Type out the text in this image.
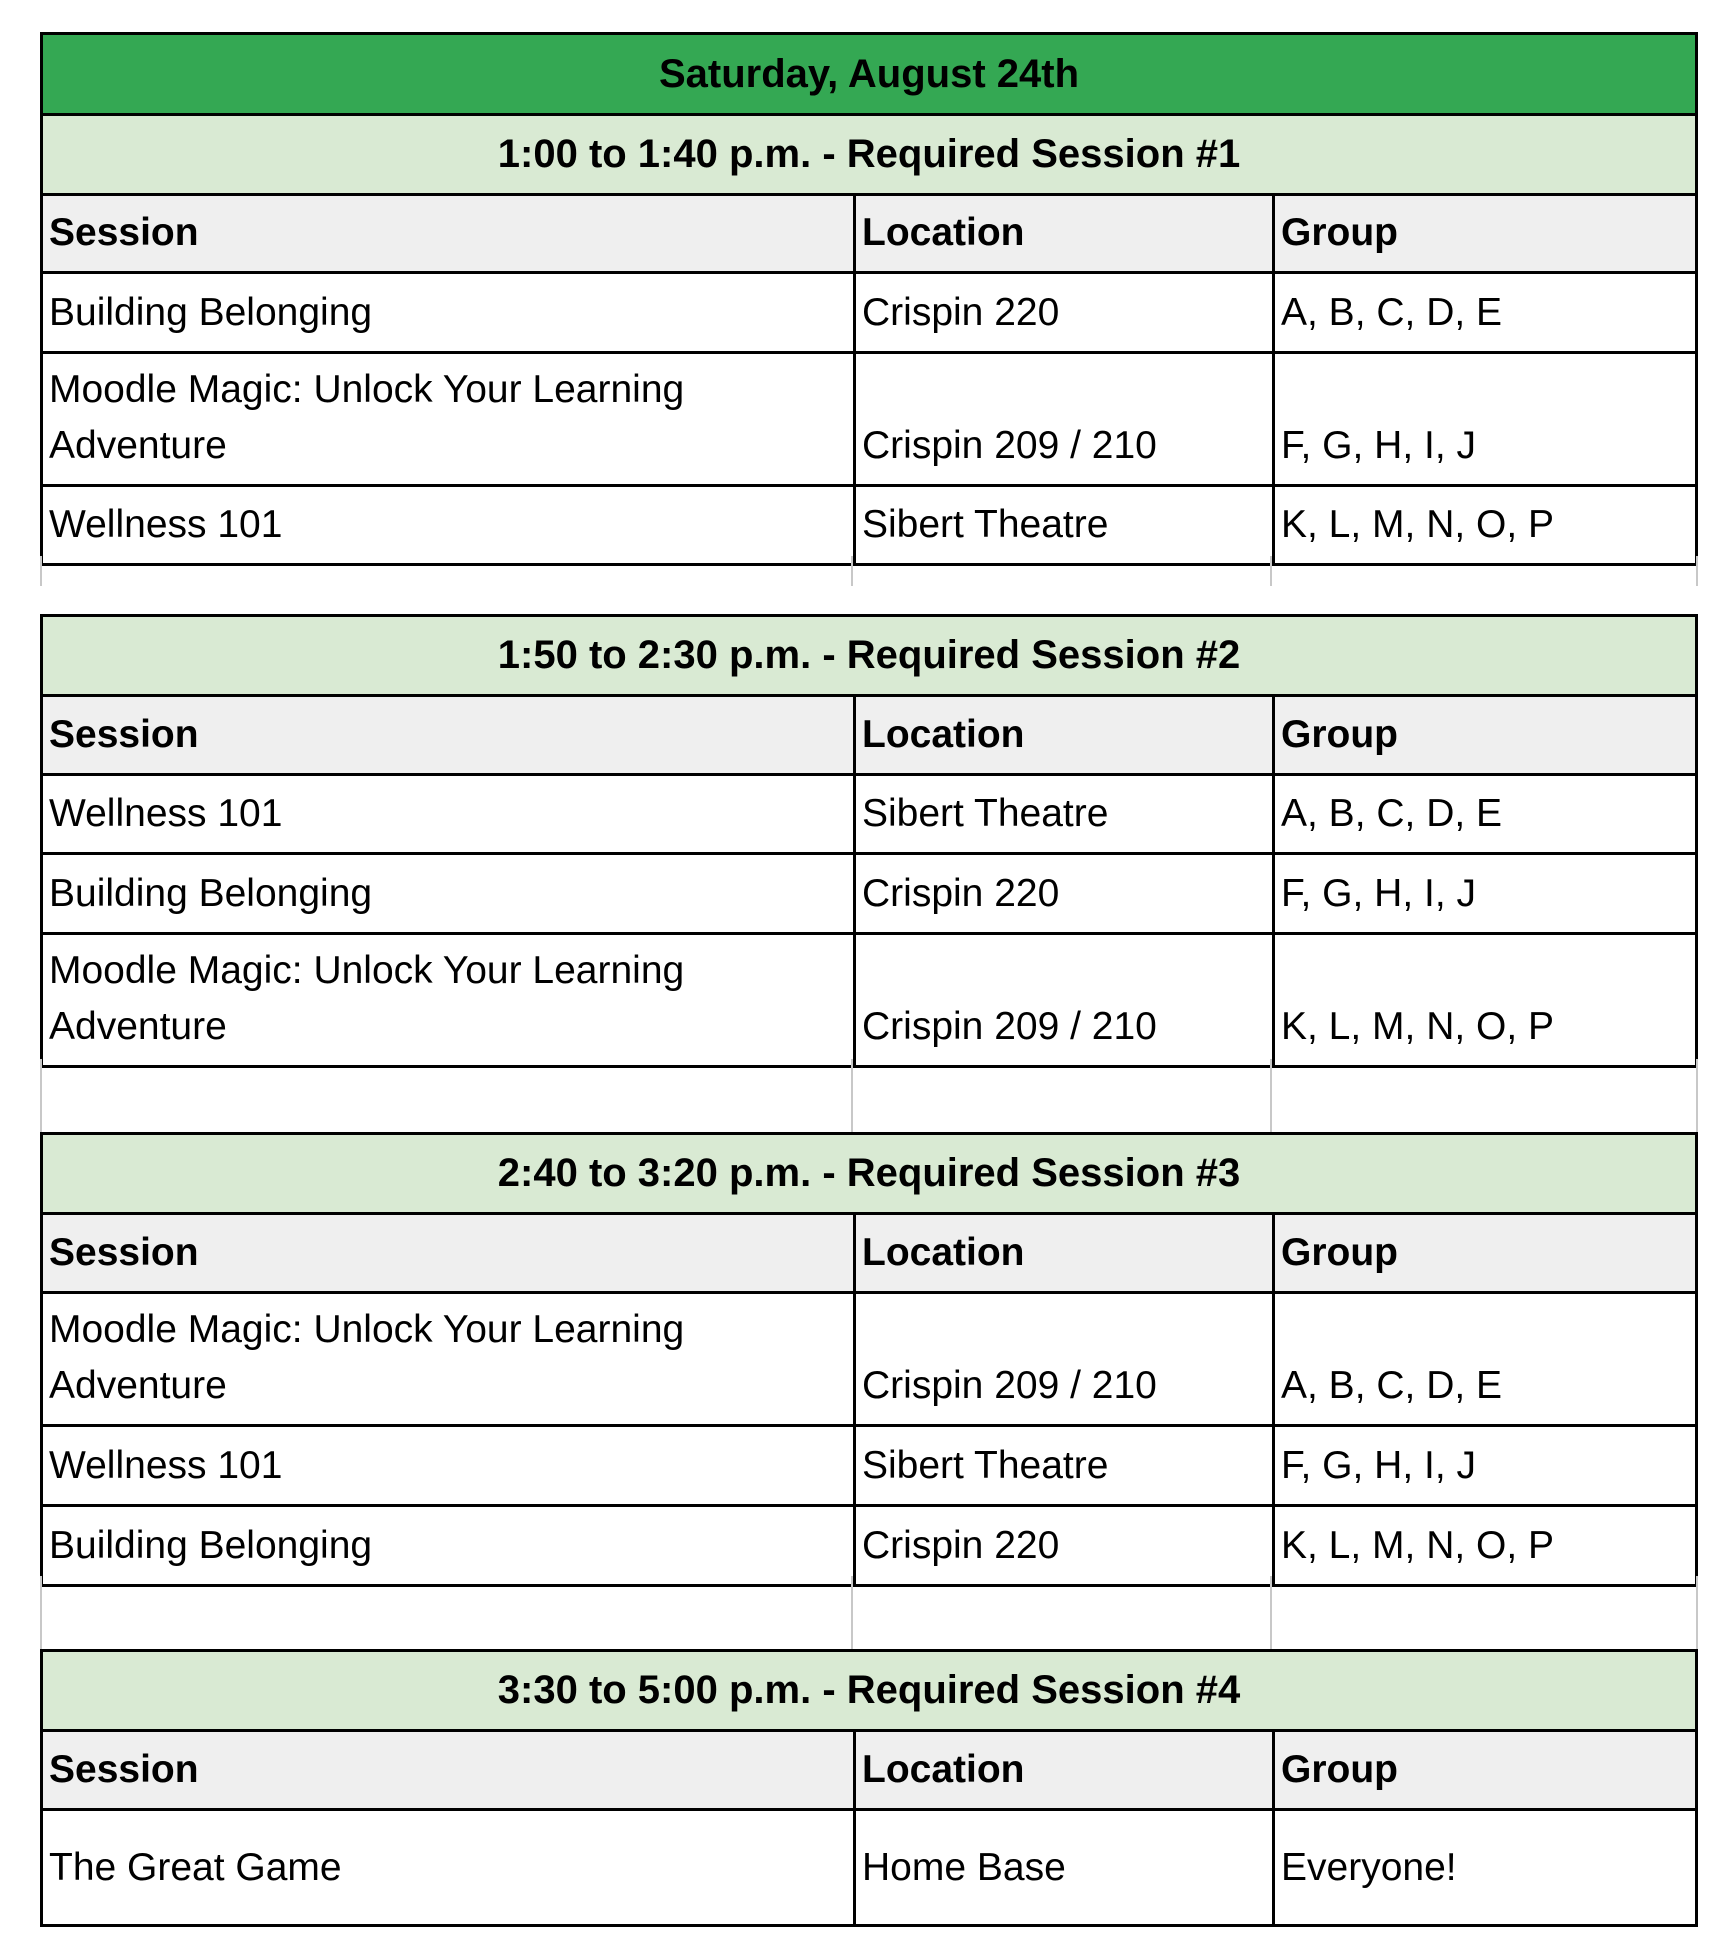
Saturday, August 24th
1:00 to 1:40 p.m. - Required Session #1
Session	Location	Group
Building Belonging	Crispin 220	A, B, C, D, E
Moodle Magic: Unlock Your Learning
Adventure	Crispin 209 / 210	F, G, H, I, J
Wellness 101	Sibert Theatre	K, L, M, N, O, P
1:50 to 2:30 p.m. - Required Session #2
Session	Location	Group
Wellness 101	Sibert Theatre	A, B, C, D, E
Building Belonging	Crispin 220	F, G, H, I, J
Moodle Magic: Unlock Your Learning
Adventure	Crispin 209 / 210	K, L, M, N, O, P
2:40 to 3:20 p.m. - Required Session #3
Session	Location	Group
Moodle Magic: Unlock Your Learning
Adventure	Crispin 209 / 210	A, B, C, D, E
Wellness 101	Sibert Theatre	F, G, H, I, J
Building Belonging	Crispin 220	K, L, M, N, O, P
3:30 to 5:00 p.m. - Required Session #4
Session	Location	Group
The Great Game	Home Base	Everyone!
